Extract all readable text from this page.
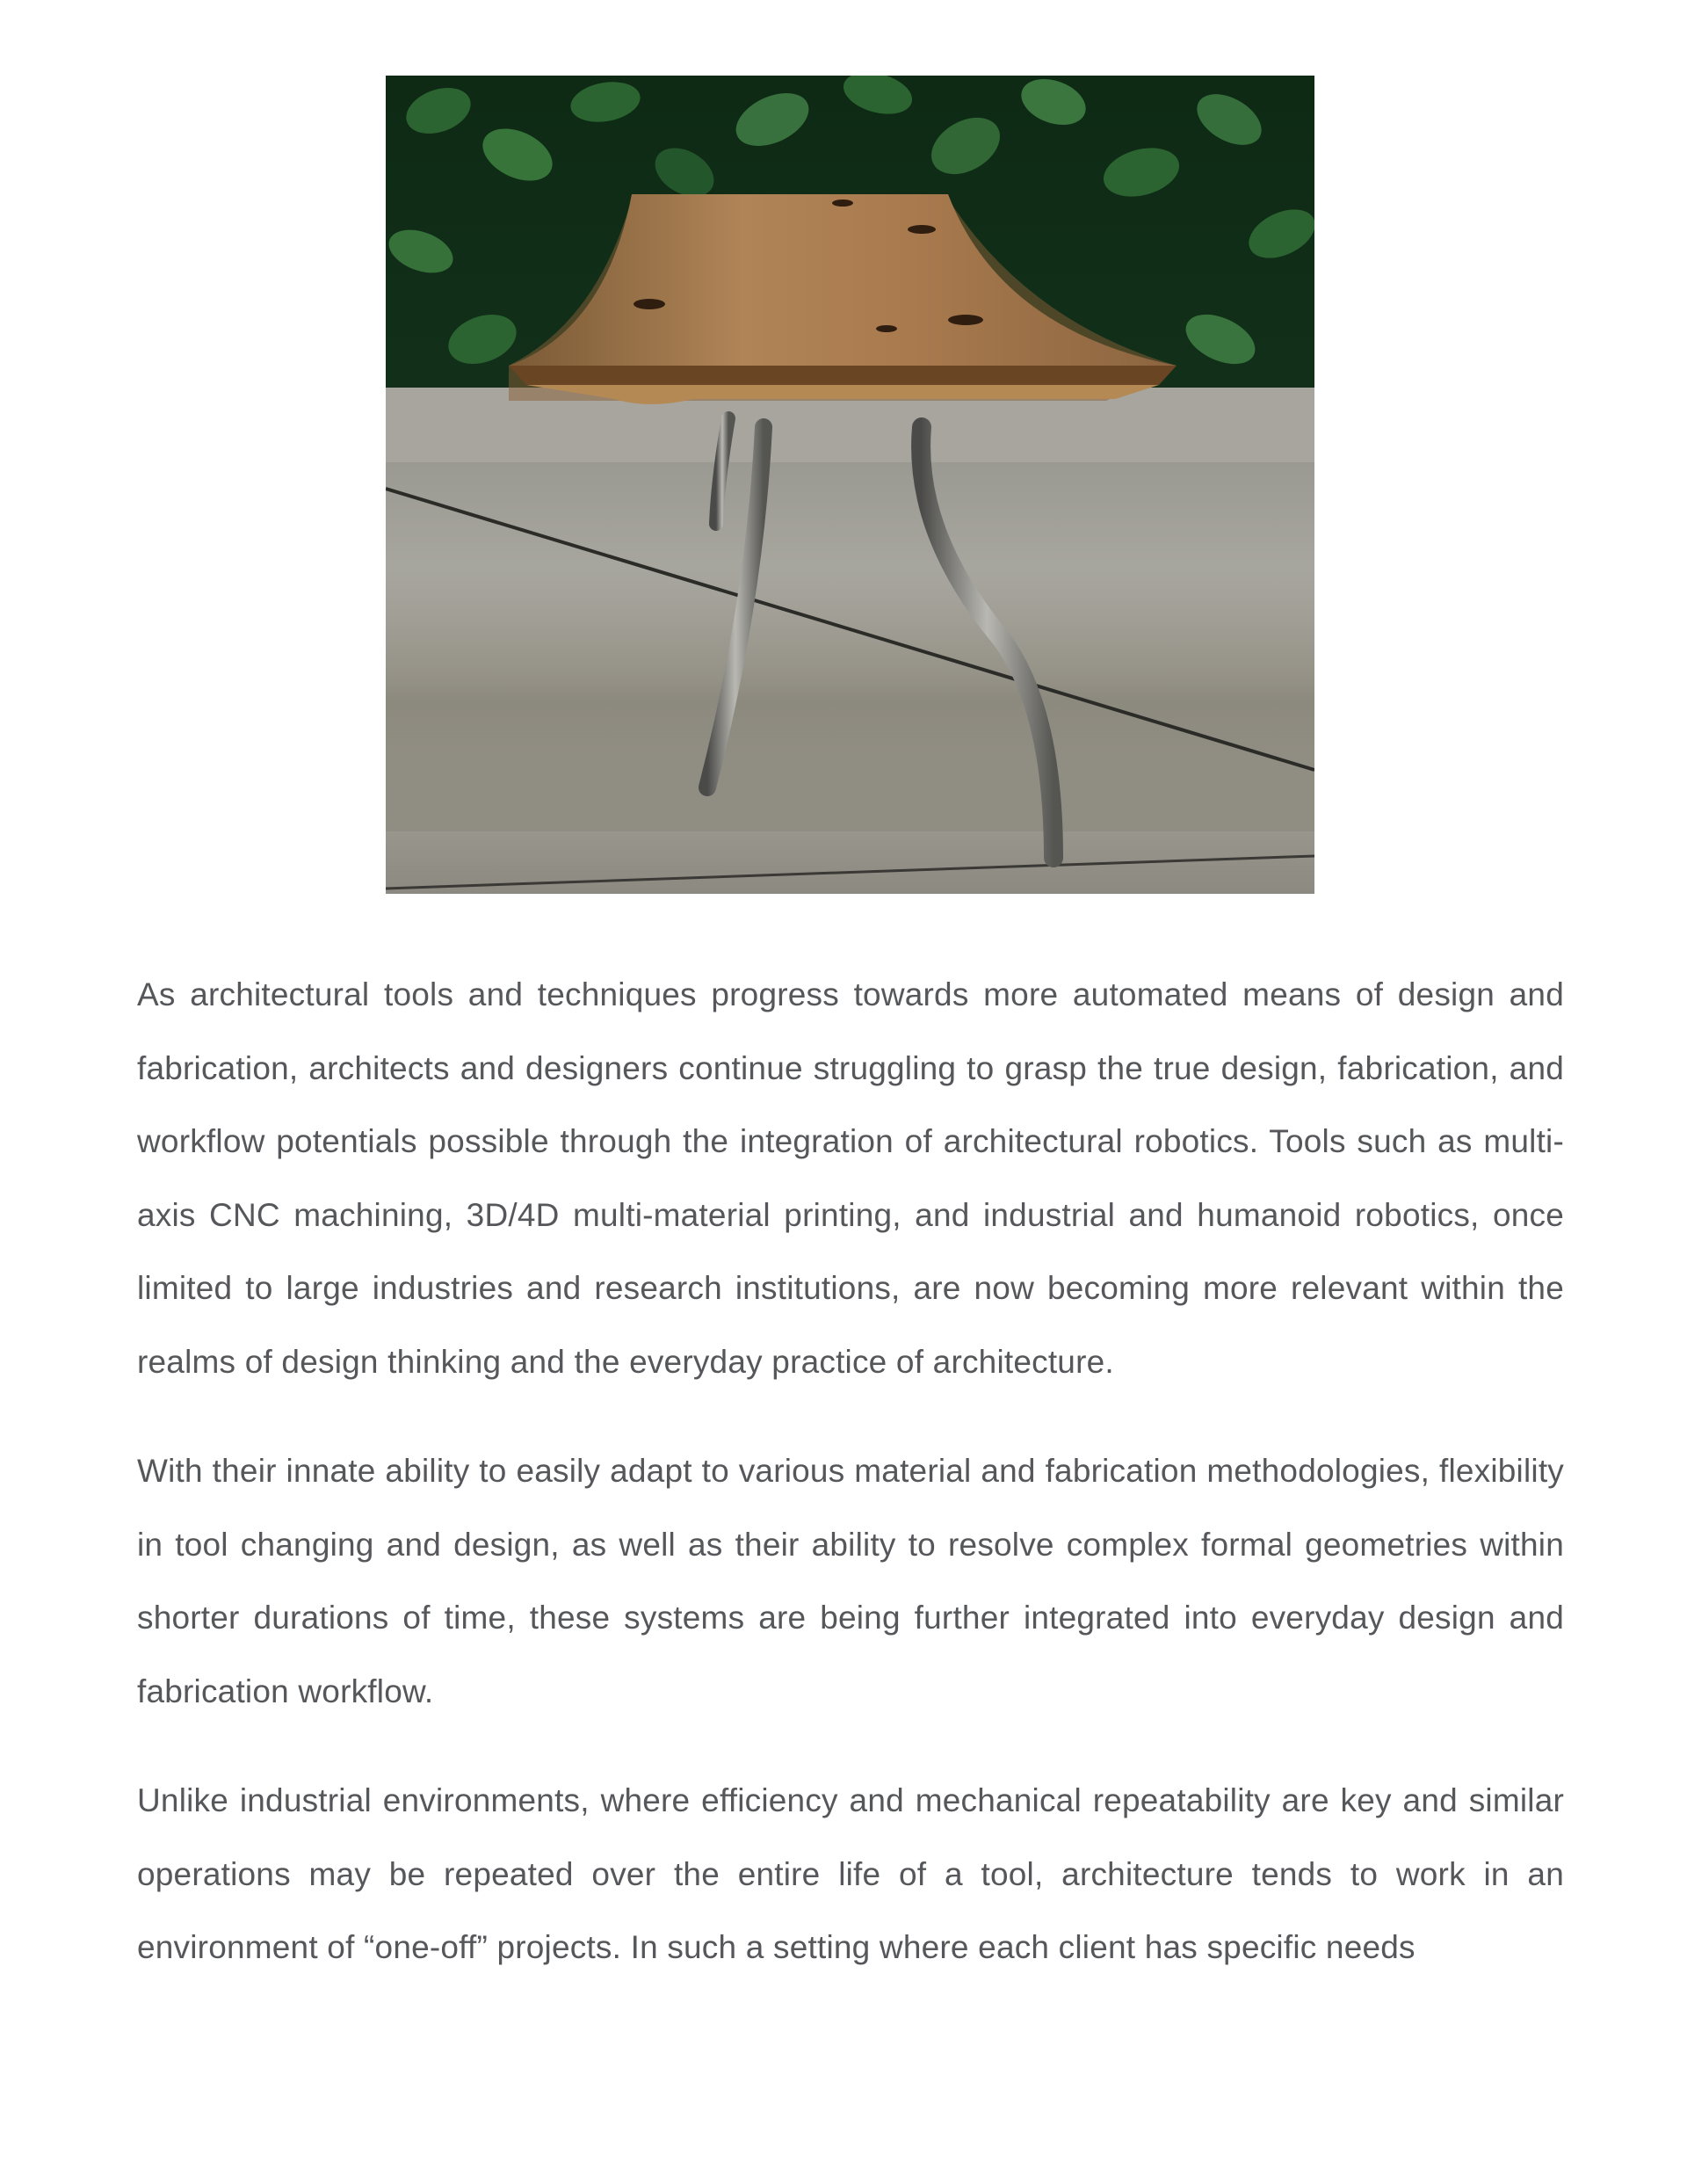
As architectural tools and techniques progress towards more automated means of design and fabrication, architects and designers continue struggling to grasp the true design, fabrication, and workflow potentials possible through the integration of architectural robotics. Tools such as multi-axis CNC machining, 3D/4D multi-material printing, and industrial and humanoid robotics, once limited to large industries and research institutions, are now becoming more relevant within the realms of design thinking and the everyday practice of architecture.

With their innate ability to easily adapt to various material and fabrication methodologies, flexibility in tool changing and design, as well as their ability to resolve complex formal geometries within shorter durations of time, these systems are being further integrated into everyday design and fabrication workflow.

Unlike industrial environments, where efficiency and mechanical repeatability are key and similar operations may be repeated over the entire life of a tool, architecture tends to work in an environment of “one-off” projects. In such a setting where each client has specific needs
